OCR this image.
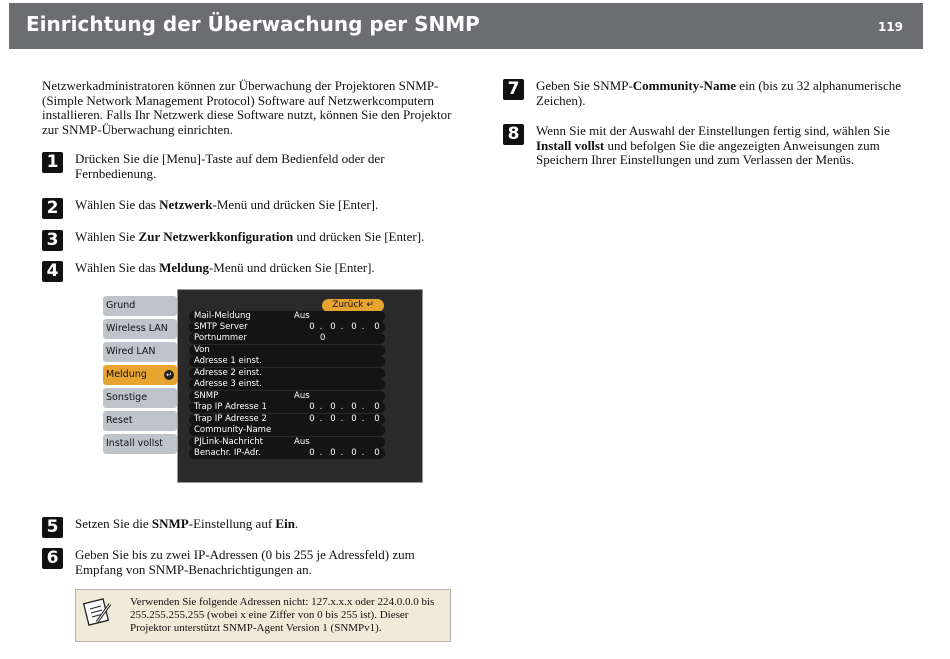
Einrichtung der Überwachung per SNMP	119
Netzwerkadministratoren können zur Überwachung der Projektoren SNMP-(Simple Network Management Protocol) Software auf Netzwerkcomputern installieren. Falls Ihr Netzwerk diese Software nutzt, können Sie den Projektor zur SNMP-Überwachung einrichten.
1	Drücken Sie die [Menu]-Taste auf dem Bedienfeld oder der Fernbedienung.
2	Wählen Sie das Netzwerk-Menü und drücken Sie [Enter].
3	Wählen Sie Zur Netzwerkkonfiguration und drücken Sie [Enter].
4	Wählen Sie das Meldung-Menü und drücken Sie [Enter].
Grund
Wireless LAN
Wired LAN
Meldung	↵
Sonstige
Reset
Install vollst
Zurück ↵
Mail-Meldung	Aus
SMTP Server	0 . 0 . 0 .	0
Portnummer	0
Von
Adresse 1 einst.
Adresse 2 einst.
Adresse 3 einst.
SNMP	Aus
Trap IP Adresse 1	0 . 0 . 0 .	0
Trap IP Adresse 2	0 . 0 . 0 .	0
Community-Name
PJLink-Nachricht	Aus
Benachr. IP-Adr.	0 . 0 . 0 .	0
5	Setzen Sie die SNMP-Einstellung auf Ein.
6	Geben Sie bis zu zwei IP-Adressen (0 bis 255 je Adressfeld) zum Empfang von SNMP-Benachrichtigungen an.
Verwenden Sie folgende Adressen nicht: 127.x.x.x oder 224.0.0.0 bis 255.255.255.255 (wobei x eine Ziffer von 0 bis 255 ist). Dieser Projektor unterstützt SNMP-Agent Version 1 (SNMPv1).
7	Geben Sie SNMP-Community-Name ein (bis zu 32 alphanumerische Zeichen).
8	Wenn Sie mit der Auswahl der Einstellungen fertig sind, wählen Sie Install vollst und befolgen Sie die angezeigten Anweisungen zum Speichern Ihrer Einstellungen und zum Verlassen der Menüs.
